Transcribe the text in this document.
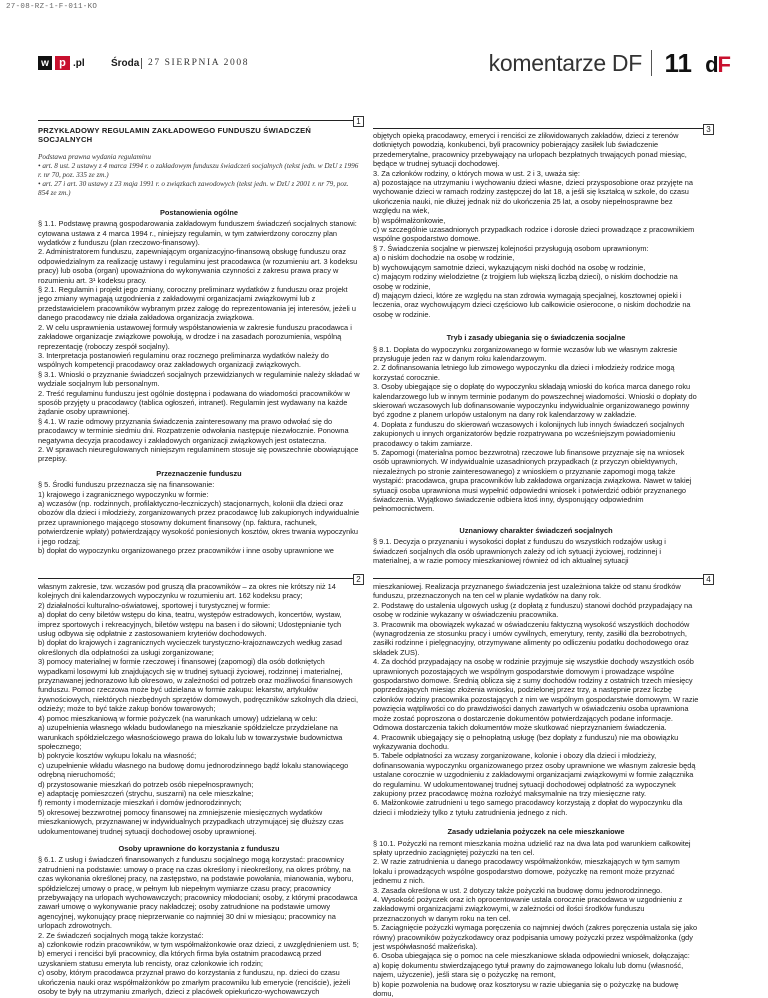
27-08-RZ-1-F-011-KO
w p .pl	Środa 27 SIERPNIA 2008	komentarze DF 11 dF
1

PRZYKŁADOWY REGULAMIN ZAKŁADOWEGO FUNDUSZU ŚWIADCZEŃ SOCJALNYCH

Podstawa prawna wydania regulaminu

• art. 8 ust. 2 ustawy z 4 marca 1994 r. o zakładowym funduszu świadczeń socjalnych (tekst jedn. w DzU z 1996 r. nr 70, poz. 335 ze zm.)

• art. 27 i art. 30 ustawy z 23 maja 1991 r. o związkach zawodowych (tekst jedn. w DzU z 2001 r. nr 79, poz. 854 ze zm.)

Postanowienia ogólne

§ 1.1. Podstawę prawną gospodarowania zakładowym funduszem świadczeń socjalnych stanowi: cytowana ustawa z 4 marca 1994 r., niniejszy regulamin, w tym zatwierdzony coroczny plan wydatków z funduszu (plan rzeczowo-finansowy).

2. Administratorem funduszu, zapewniającym organizacyjno-finansową obsługę funduszu oraz odpowiedzialnym za realizację ustawy i regulaminu jest pracodawca (w rozumieniu art. 3 kodeksu pracy) lub osoba (organ) upoważniona do wykonywania czynności z zakresu prawa pracy w rozumieniu art. 3¹ kodeksu pracy.

§ 2.1. Regulamin i projekt jego zmiany, coroczny preliminarz wydatków z funduszu oraz projekt jego zmiany wymagają uzgodnienia z zakładowymi organizacjami związkowymi lub z przedstawicielem pracowników wybranym przez załogę do reprezentowania jej interesów, jeżeli u danego pracodawcy nie działa zakładowa organizacja związkowa.

2. W celu usprawnienia ustawowej formuły współstanowienia w zakresie funduszu pracodawca i zakładowe organizacje związkowe powołują, w drodze i na zasadach porozumienia, wspólną reprezentację (roboczy zespół socjalny).

3. Interpretacja postanowień regulaminu oraz rocznego preliminarza wydatków należy do wspólnych kompetencji pracodawcy oraz zakładowych organizacji związkowych.

§ 3.1. Wnioski o przyznanie świadczeń socjalnych przewidzianych w regulaminie należy składać w wydziale socjalnym lub personalnym.

2. Treść regulaminu funduszu jest ogólnie dostępna i podawana do wiadomości pracowników w sposób przyjęty u pracodawcy (tablica ogłoszeń, intranet). Regulamin jest wydawany na każde żądanie osoby uprawnionej.

§ 4.1. W razie odmowy przyznania świadczenia zainteresowany ma prawo odwołać się do pracodawcy w terminie siedmiu dni. Rozpatrzenie odwołania następuje niezwłocznie. Ponowna negatywna decyzja pracodawcy i zakładowych organizacji związkowych jest ostateczna.

2. W sprawach nieuregulowanych niniejszym regulaminem stosuje się powszechnie obowiązujące przepisy.

Przeznaczenie funduszu

§ 5. Środki funduszu przeznacza się na finansowanie:

1) krajowego i zagranicznego wypoczynku w formie:

a) wczasów (np. rodzinnych, profilaktyczno-leczniczych) stacjonarnych, kolonii dla dzieci oraz obozów dla dzieci i młodzieży, zorganizowanych przez pracodawcę lub zakupionych indywidualnie przez uprawnionego mającego stosowny dokument finansowy (np. faktura, rachunek, potwierdzenie wpłaty) potwierdzający wysokość poniesionych kosztów, okres trwania wypoczynku i jego rodzaj;

b) dopłat do wypoczynku organizowanego przez pracowników i inne osoby uprawnione we

2

własnym zakresie, tzw. wczasów pod gruszą dla pracowników – za okres nie krótszy niż 14 kolejnych dni kalendarzowych wypoczynku w rozumieniu art. 162 kodeksu pracy;

2) działalności kulturalno-oświatowej, sportowej i turystycznej w formie:

a) dopłat do ceny biletów wstępu do kina, teatru, występów estradowych, koncertów, wystaw, imprez sportowych i rekreacyjnych, biletów wstępu na basen i do siłowni; Udostępnianie tych usług odbywa się odpłatnie z zastosowaniem kryteriów dochodowych.

b) dopłat do krajowych i zagranicznych wycieczek turystyczno-krajoznawczych według zasad określonych dla odpłatności za usługi zorganizowane;

3) pomocy materialnej w formie rzeczowej i finansowej (zapomogi) dla osób dotkniętych wypadkami losowymi lub znajdujących się w trudnej sytuacji życiowej, rodzinnej i materialnej, przyznawanej jednorazowo lub okresowo, w zależności od potrzeb oraz możliwości finansowych funduszu. Pomoc rzeczowa może być udzielana w formie zakupu: lekarstw, artykułów żywnościowych, niektórych niezbędnych sprzętów domowych, podręczników szkolnych dla dzieci, odzieży; może to być także zakup bonów towarowych;

4) pomoc mieszkaniową w formie pożyczek (na warunkach umowy) udzielaną w celu:

a) uzupełnienia własnego wkładu budowlanego na mieszkanie spółdzielcze przydzielane na warunkach spółdzielczego własnościowego prawa do lokalu lub w towarzystwie budownictwa społecznego;

b) pokrycie kosztów wykupu lokalu na własność;

c) uzupełnienie wkładu własnego na budowę domu jednorodzinnego bądź lokalu stanowiącego odrębną nieruchomość;

d) przystosowanie mieszkań do potrzeb osób niepełnosprawnych;

e) adaptację pomieszczeń (strychu, suszarni) na cele mieszkalne;

f) remonty i modernizacje mieszkań i domów jednorodzinnych;

5) okresowej bezzwrotnej pomocy finansowej na zmniejszenie miesięcznych wydatków mieszkaniowych, przyznawanej w indywidualnych przypadkach utrzymującej się dłuższy czas udokumentowanej trudnej sytuacji dochodowej osoby uprawnionej.

Osoby uprawnione do korzystania z funduszu

§ 6.1. Z usług i świadczeń finansowanych z funduszu socjalnego mogą korzystać: pracownicy zatrudnieni na podstawie: umowy o pracę na czas określony i nieokreślony, na okres próbny, na czas wykonania określonej pracy, na zastępstwo, na podstawie powołania, mianowania, wyboru, spółdzielczej umowy o pracę, w pełnym lub niepełnym wymiarze czasu pracy; pracownicy przebywający na urlopach wychowawczych; pracownicy młodociani; osoby, z którymi pracodawca zawarł umowę o wykonywanie pracy nakładczej; osoby zatrudnione na podstawie umowy agencyjnej, wykonujący pracę nieprzerwanie co najmniej 30 dni w miesiącu; pracownicy na urlopach zdrowotnych.

2. Ze świadczeń socjalnych mogą także korzystać:

a) członkowie rodzin pracowników, w tym współmałżonkowie oraz dzieci, z uwzględnieniem ust. 5;

b) emeryci i renciści byli pracownicy, dla których firma była ostatnim pracodawcą przed uzyskaniem statusu emeryta lub rencisty, oraz członkowie ich rodzin;

c) osoby, którym pracodawca przyznał prawo do korzystania z funduszu, np. dzieci do czasu ukończenia nauki oraz współmałżonków po zmarłym pracowniku lub emerycie (renciście), jeżeli osoby te były na utrzymaniu zmarłych, dzieci z placówek opiekuńczo-wychowawczych

3

objętych opieką pracodawcy, emeryci i renciści ze zlikwidowanych zakładów, dzieci z terenów dotkniętych powodzią, konkubenci, byli pracownicy pobierający zasiłek lub świadczenie przedemerytalne, pracownicy przebywający na urlopach bezpłatnych trwających ponad miesiąc, będące w trudnej sytuacji dochodowej.

3. Za członków rodziny, o których mowa w ust. 2 i 3, uważa się:

a) pozostające na utrzymaniu i wychowaniu dzieci własne, dzieci przysposobione oraz przyjęte na wychowanie dzieci w ramach rodziny zastępczej do lat 18, a jeśli się kształcą w szkole, do czasu ukończenia nauki, nie dłużej jednak niż do ukończenia 25 lat, a osoby niepełnosprawne bez względu na wiek,

b) współmałżonkowie,

c) w szczególnie uzasadnionych przypadkach rodzice i dorosłe dzieci prowadzące z pracownikiem wspólne gospodarstwo domowe.

§ 7. Świadczenia socjalne w pierwszej kolejności przysługują osobom uprawnionym:

a) o niskim dochodzie na osobę w rodzinie,

b) wychowującym samotnie dzieci, wykazującym niski dochód na osobę w rodzinie,

c) mającym rodziny wielodzietne (z trojgiem lub większą liczbą dzieci), o niskim dochodzie na osobę w rodzinie,

d) mającym dzieci, które ze względu na stan zdrowia wymagają specjalnej, kosztownej opieki i leczenia, oraz wychowującym dzieci częściowo lub całkowicie osierocone, o niskim dochodzie na osobę w rodzinie.

Tryb i zasady ubiegania się o świadczenia socjalne

§ 8.1. Dopłata do wypoczynku zorganizowanego w formie wczasów lub we własnym zakresie przysługuje jeden raz w danym roku kalendarzowym.

2. Z dofinansowania letniego lub zimowego wypoczynku dla dzieci i młodzieży rodzice mogą korzystać corocznie.

3. Osoby ubiegające się o dopłatę do wypoczynku składają wnioski do końca marca danego roku kalendarzowego lub w innym terminie podanym do powszechnej wiadomości. Wnioski o dopłaty do skierowań wczasowych lub dofinansowanie wypoczynku indywidualnie organizowanego powinny być zgodne z planem urlopów ustalonym na dany rok kalendarzowy w zakładzie.

4. Dopłata z funduszu do skierowań wczasowych i kolonijnych lub innych świadczeń socjalnych zakupionych u innych organizatorów będzie rozpatrywana po wcześniejszym powiadomieniu pracodawcy o takim zamiarze.

5. Zapomogi (materialna pomoc bezzwrotna) rzeczowe lub finansowe przyznaje się na wniosek osób uprawnionych. W indywidualnie uzasadnionych przypadkach (z przyczyn obiektywnych, niezależnych po stronie zainteresowanego) z wnioskiem o przyznanie zapomogi mogą także wystąpić: pracodawca, grupa pracowników lub zakładowa organizacja związkowa. Nawet w takiej sytuacji osoba uprawniona musi wypełnić odpowiedni wniosek i potwierdzić odbiór przyznanego świadczenia. Wyjątkowo świadczenie odbiera ktoś inny, dysponujący odpowiednim pełnomocnictwem.

Uznaniowy charakter świadczeń socjalnych

§ 9.1. Decyzja o przyznaniu i wysokości dopłat z funduszu do wszystkich rodzajów usług i świadczeń socjalnych dla osób uprawnionych zależy od ich sytuacji życiowej, rodzinnej i materialnej, a w razie pomocy mieszkaniowej również od ich aktualnej sytuacji

4

mieszkaniowej. Realizacja przyznanego świadczenia jest uzależniona także od stanu środków funduszu, przeznaczonych na ten cel w planie wydatków na dany rok.

2. Podstawę do ustalenia ulgowych usług (z dopłatą z funduszu) stanowi dochód przypadający na osobę w rodzinie wykazany w oświadczeniu pracownika.

3. Pracownik ma obowiązek wykazać w oświadczeniu faktyczną wysokość wszystkich dochodów (wynagrodzenia ze stosunku pracy i umów cywilnych, emerytury, renty, zasiłki dla bezrobotnych, zasiłki rodzinne i pielęgnacyjny, otrzymywane alimenty po odliczeniu podatku dochodowego oraz składek ZUS).

4. Za dochód przypadający na osobę w rodzinie przyjmuje się wszystkie dochody wszystkich osób uprawnionych pozostających we wspólnym gospodarstwie domowym i prowadzące wspólne gospodarstwo domowe. Średnią oblicza się z sumy dochodów rodziny z ostatnich trzech miesięcy poprzedzających miesiąc złożenia wniosku, podzielonej przez trzy, a następnie przez liczbę członków rodziny pracownika pozostających z nim we wspólnym gospodarstwie domowym. W razie powzięcia wątpliwości co do prawdziwości danych zawartych w oświadczeniu osoba uprawniona może zostać poproszona o dostarczenie dokumentów potwierdzających podane informacje. Odmowa dostarczenia takich dokumentów może skutkować nieprzyznaniem świadczenia.

4. Pracownik ubiegający się o pełnopłatną usługę (bez dopłaty z funduszu) nie ma obowiązku wykazywania dochodu.

5. Tabele odpłatności za wczasy zorganizowane, kolonie i obozy dla dzieci i młodzieży, dofinansowania wypoczynku organizowanego przez osoby uprawnione we własnym zakresie będą ustalane corocznie w uzgodnieniu z zakładowymi organizacjami związkowymi w formie załącznika do regulaminu. W udokumentowanej trudnej sytuacji dochodowej odpłatność za wypoczynek zakupiony przez pracodawcę można rozłożyć maksymalnie na trzy miesięczne raty.

6. Małżonkowie zatrudnieni u tego samego pracodawcy korzystają z dopłat do wypoczynku dla dzieci i młodzieży tylko z tytułu zatrudnienia jednego z nich.

Zasady udzielania pożyczek na cele mieszkaniowe

§ 10.1. Pożyczki na remont mieszkania można udzielić raz na dwa lata pod warunkiem całkowitej spłaty uprzednio zaciągniętej pożyczki na ten cel.

2. W razie zatrudnienia u danego pracodawcy współmałżonków, mieszkających w tym samym lokalu i prowadzących wspólne gospodarstwo domowe, pożyczkę na remont może przyznać jednemu z nich.

3. Zasada określona w ust. 2 dotyczy także pożyczki na budowę domu jednorodzinnego.

4. Wysokość pożyczek oraz ich oprocentowanie ustala corocznie pracodawca w uzgodnieniu z zakładowymi organizacjami związkowymi, w zależności od ilości środków funduszu przeznaczonych w danym roku na ten cel.

5. Zaciągnięcie pożyczki wymaga poręczenia co najmniej dwóch (zakres poręczenia ustala się jako równy) pracowników pożyczkodawcy oraz podpisania umowy pożyczki przez współmałżonka (gdy jest współwłasność małżeńska).

6. Osoba ubiegająca się o pomoc na cele mieszkaniowe składa odpowiedni wniosek, dołączając:

a) kopię dokumentu stwierdzającego tytuł prawny do zajmowanego lokalu lub domu (własność, najem, użyczenie), jeśli stara się o pożyczkę na remont,

b) kopie pozwolenia na budowę oraz kosztorysu w razie ubiegania się o pożyczkę na budowę domu,
